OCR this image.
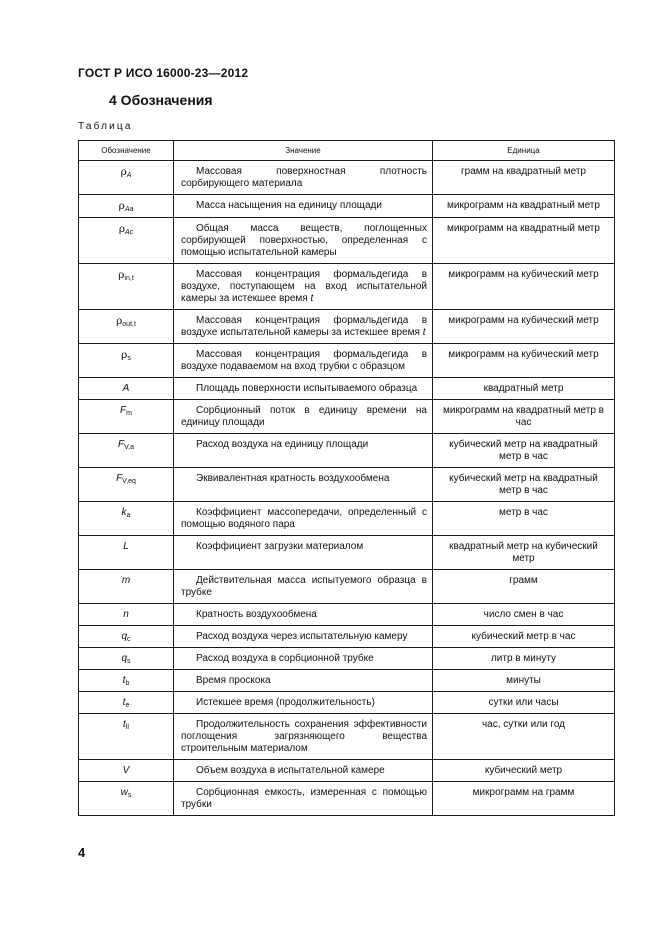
ГОСТ Р ИСО 16000-23—2012
4 Обозначения
Таблица
Обозначение	Значение	Единица
$\rho_A$	Массовая поверхностная плотность сорбирующего материала	грамм на квадратный метр
$\rho_{Aa}$	Масса насыщения на единицу площади	микрограмм на квадратный метр
$\rho_{Ac}$	Общая масса веществ, поглощенных сорбирующей поверхностью, определенная с помощью испытательной камеры	микрограмм на квадратный метр
$\rho_{in,t}$	Массовая концентрация формальдегида в воздухе, поступающем на вход испытательной камеры за истекшее время t	микрограмм на кубический метр
$\rho_{out,t}$	Массовая концентрация формальдегида в воздухе испытательной камеры за истекшее время t	микрограмм на кубический метр
$\rho_s$	Массовая концентрация формальдегида в воздухе подаваемом на вход трубки с образцом	микрограмм на кубический метр
A	Площадь поверхности испытываемого образца	квадратный метр
$F_m$	Сорбционный поток в единицу времени на единицу площади	микрограмм на квадратный метр в час
$F_{V,a}$	Расход воздуха на единицу площади	кубический метр на квадратный метр в час
$F_{V,eq}$	Эквивалентная кратность воздухообмена	кубический метр на квадратный метр в час
$k_a$	Коэффициент массопередачи, определенный с помощью водяного пара	метр в час
L	Коэффициент загрузки материалом	квадратный метр на кубический метр
m	Действительная масса испытуемого образца в трубке	грамм
n	Кратность воздухообмена	число смен в час
$q_c$	Расход воздуха через испытательную камеру	кубический метр в час
$q_s$	Расход воздуха в сорбционной трубке	литр в минуту
$t_b$	Время проскока	минуты
$t_e$	Истекшее время (продолжительность)	сутки или часы
$t_{ll}$	Продолжительность сохранения эффективности поглощения загрязняющего вещества строительным материалом	час, сутки или год
V	Объем воздуха в испытательной камере	кубический метр
$w_s$	Сорбционная емкость, измеренная с помощью трубки	микрограмм на грамм
4
